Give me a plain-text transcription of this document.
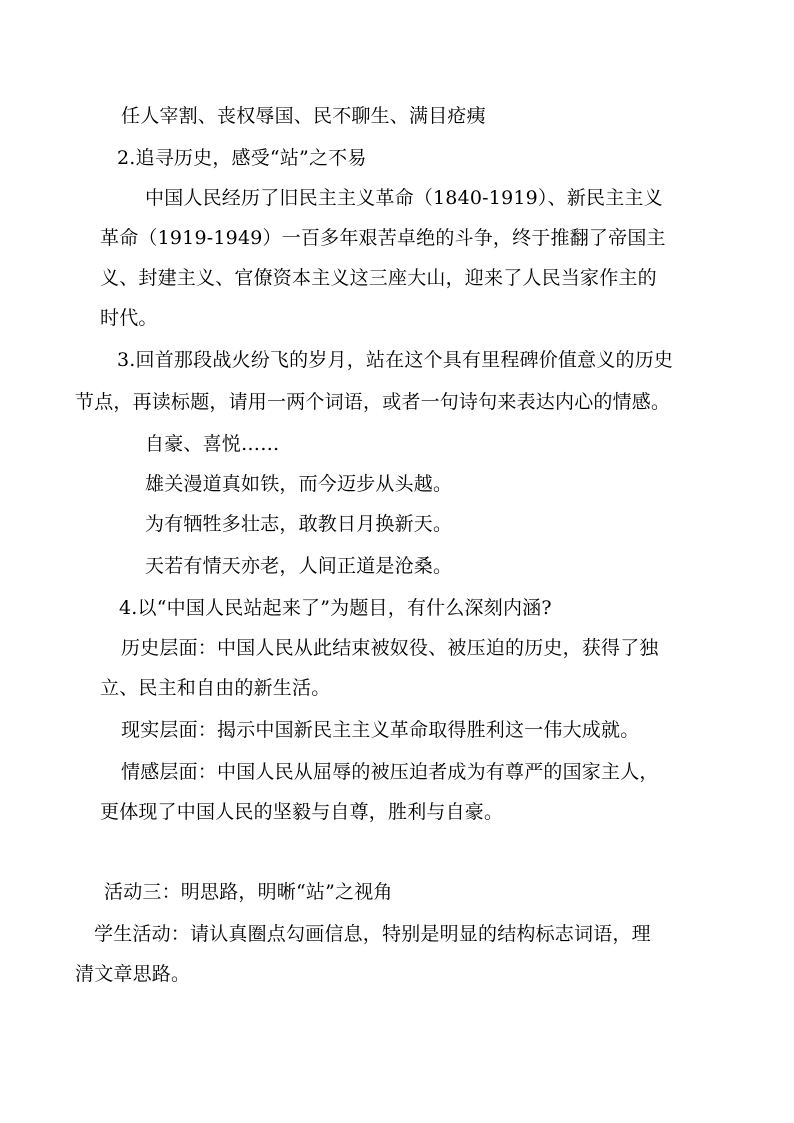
任人宰割、丧权辱国、民不聊生、满目疮痍
2.追寻历史，感受“站”之不易
中国人民经历了旧民主主义革命（1840-1919）、新民主主义
革命（1919-1949）一百多年艰苦卓绝的斗争，终于推翻了帝国主
义、封建主义、官僚资本主义这三座大山，迎来了人民当家作主的
时代。
3.回首那段战火纷飞的岁月，站在这个具有里程碑价值意义的历史
节点，再读标题，请用一两个词语，或者一句诗句来表达内心的情感。
自豪、喜悦……
雄关漫道真如铁，而今迈步从头越。
为有牺牲多壮志，敢教日月换新天。
天若有情天亦老，人间正道是沧桑。
4.以“中国人民站起来了”为题目，有什么深刻内涵?
历史层面：中国人民从此结束被奴役、被压迫的历史，获得了独
立、民主和自由的新生活。
现实层面：揭示中国新民主主义革命取得胜利这一伟大成就。
情感层面：中国人民从屈辱的被压迫者成为有尊严的国家主人，
更体现了中国人民的坚毅与自尊，胜利与自豪。
活动三：明思路，明晰“站”之视角
学生活动：请认真圈点勾画信息，特别是明显的结构标志词语，理
清文章思路。
